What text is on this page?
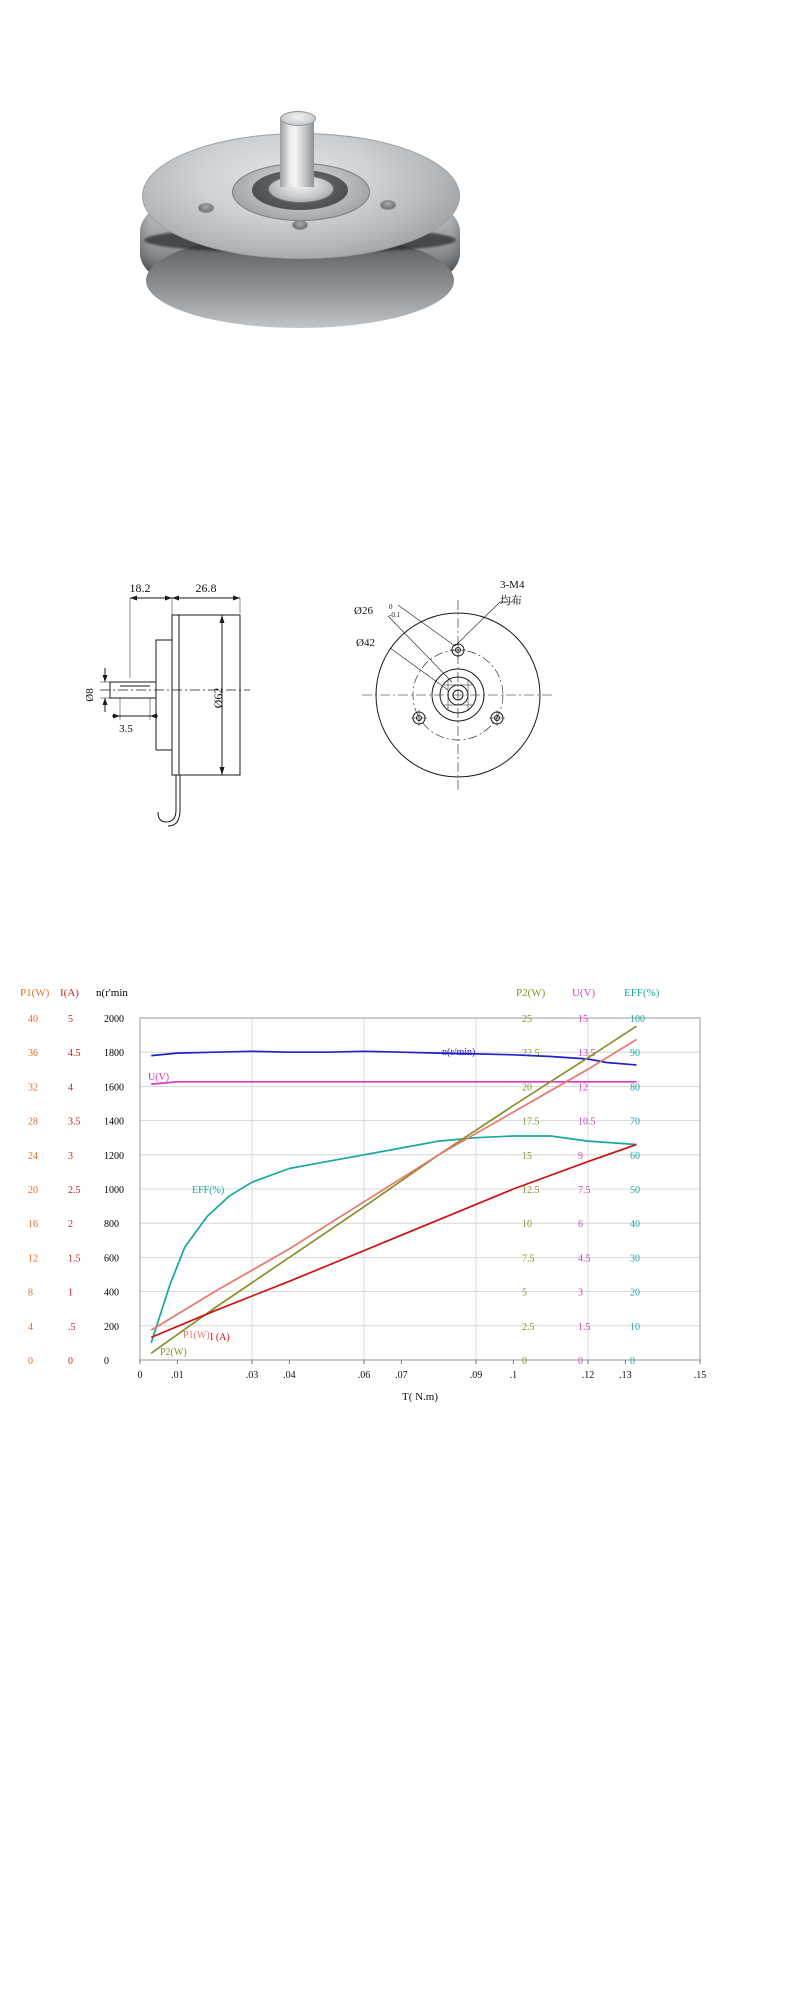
18.2	26.8
Ø8	Ø62
3.5
Ø26 0
-0.1
Ø42
3-M4
均布
P1(W)
0
4
8
12
16
20
24
28
32
36
40
I(A)
0
.5
1
1.5
2
2.5
3
3.5
4
4.5
5
n(r'min
0
200
400
600
800
1000
1200
1400
1600
1800
2000
P2(W)
0
2.5
5
7.5
10
12.5
15
17.5
20
22.5
25
U(V)
0
1.5
3
4.5
6
7.5
9
10.5
12
13.5
15
EFF(%)
0
10
20
30
40
50
60
70
80
90
100
0	.01	.03 .04	.06 .07	.09	.1	.12 .13	.15
T( N.m)
n(r/min)
U(V)
EFF(%)
P1(W) I (A)
P2(W)
